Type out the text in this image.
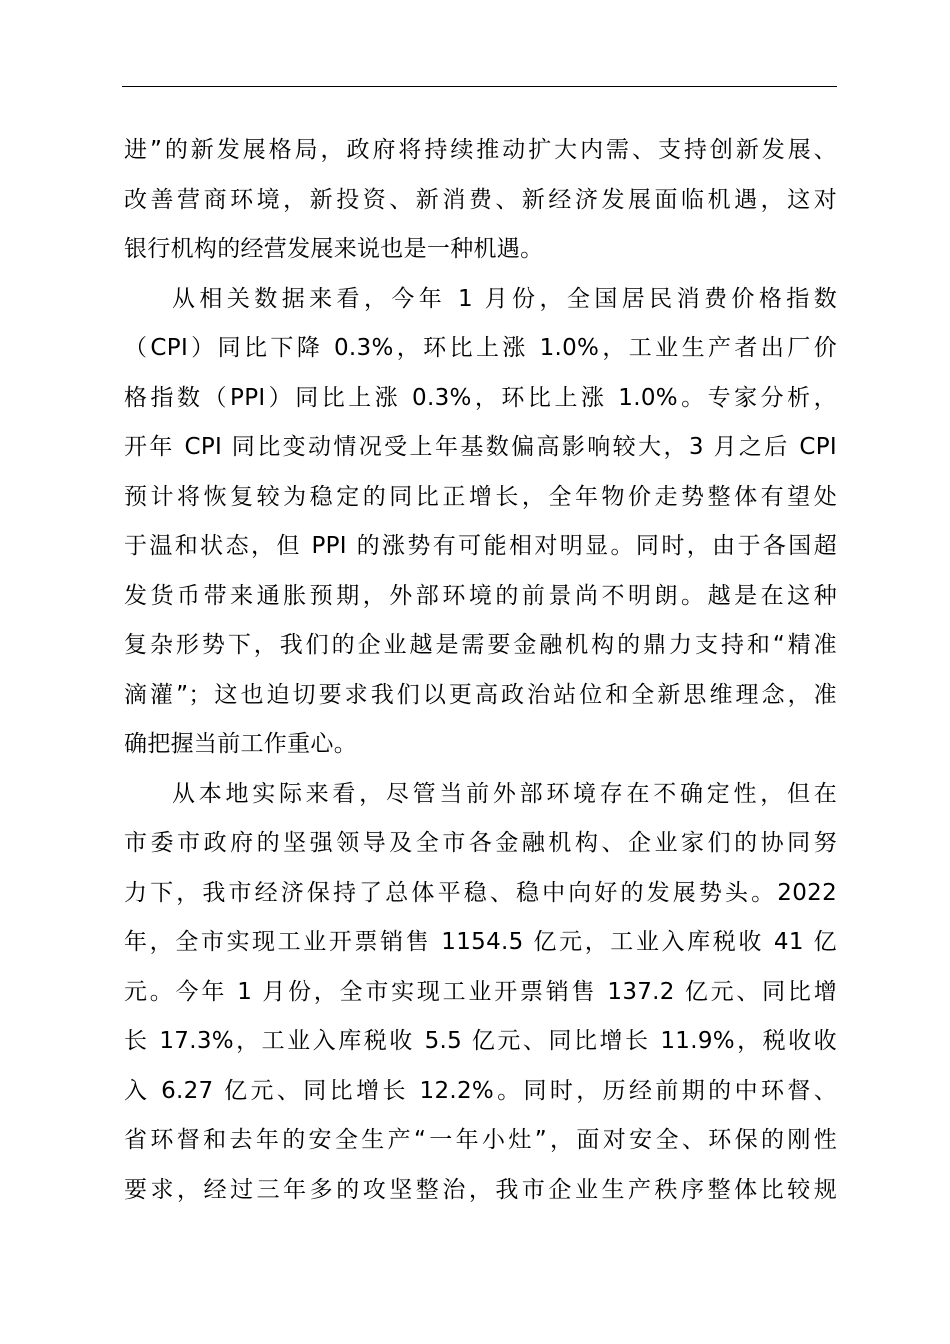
进”的新发展格局，政府将持续推动扩大内需、支持创新发展、
改善营商环境，新投资、新消费、新经济发展面临机遇，这对
银行机构的经营发展来说也是一种机遇。
从相关数据来看，今年 1 月份，全国居民消费价格指数
（CPI）同比下降 0.3%，环比上涨 1.0%，工业生产者出厂价
格指数（PPI）同比上涨 0.3%，环比上涨 1.0%。专家分析，
开年 CPI 同比变动情况受上年基数偏高影响较大，3 月之后 CPI
预计将恢复较为稳定的同比正增长，全年物价走势整体有望处
于温和状态，但 PPI 的涨势有可能相对明显。同时，由于各国超
发货币带来通胀预期，外部环境的前景尚不明朗。越是在这种
复杂形势下，我们的企业越是需要金融机构的鼎力支持和“精准
滴灌”；这也迫切要求我们以更高政治站位和全新思维理念，准
确把握当前工作重心。
从本地实际来看，尽管当前外部环境存在不确定性，但在
市委市政府的坚强领导及全市各金融机构、企业家们的协同努
力下，我市经济保持了总体平稳、稳中向好的发展势头。2022
年，全市实现工业开票销售 1154.5 亿元，工业入库税收 41 亿
元。今年 1 月份，全市实现工业开票销售 137.2 亿元、同比增
长 17.3%，工业入库税收 5.5 亿元、同比增长 11.9%，税收收
入 6.27 亿元、同比增长 12.2%。同时，历经前期的中环督、
省环督和去年的安全生产“一年小灶”，面对安全、环保的刚性
要求，经过三年多的攻坚整治，我市企业生产秩序整体比较规
